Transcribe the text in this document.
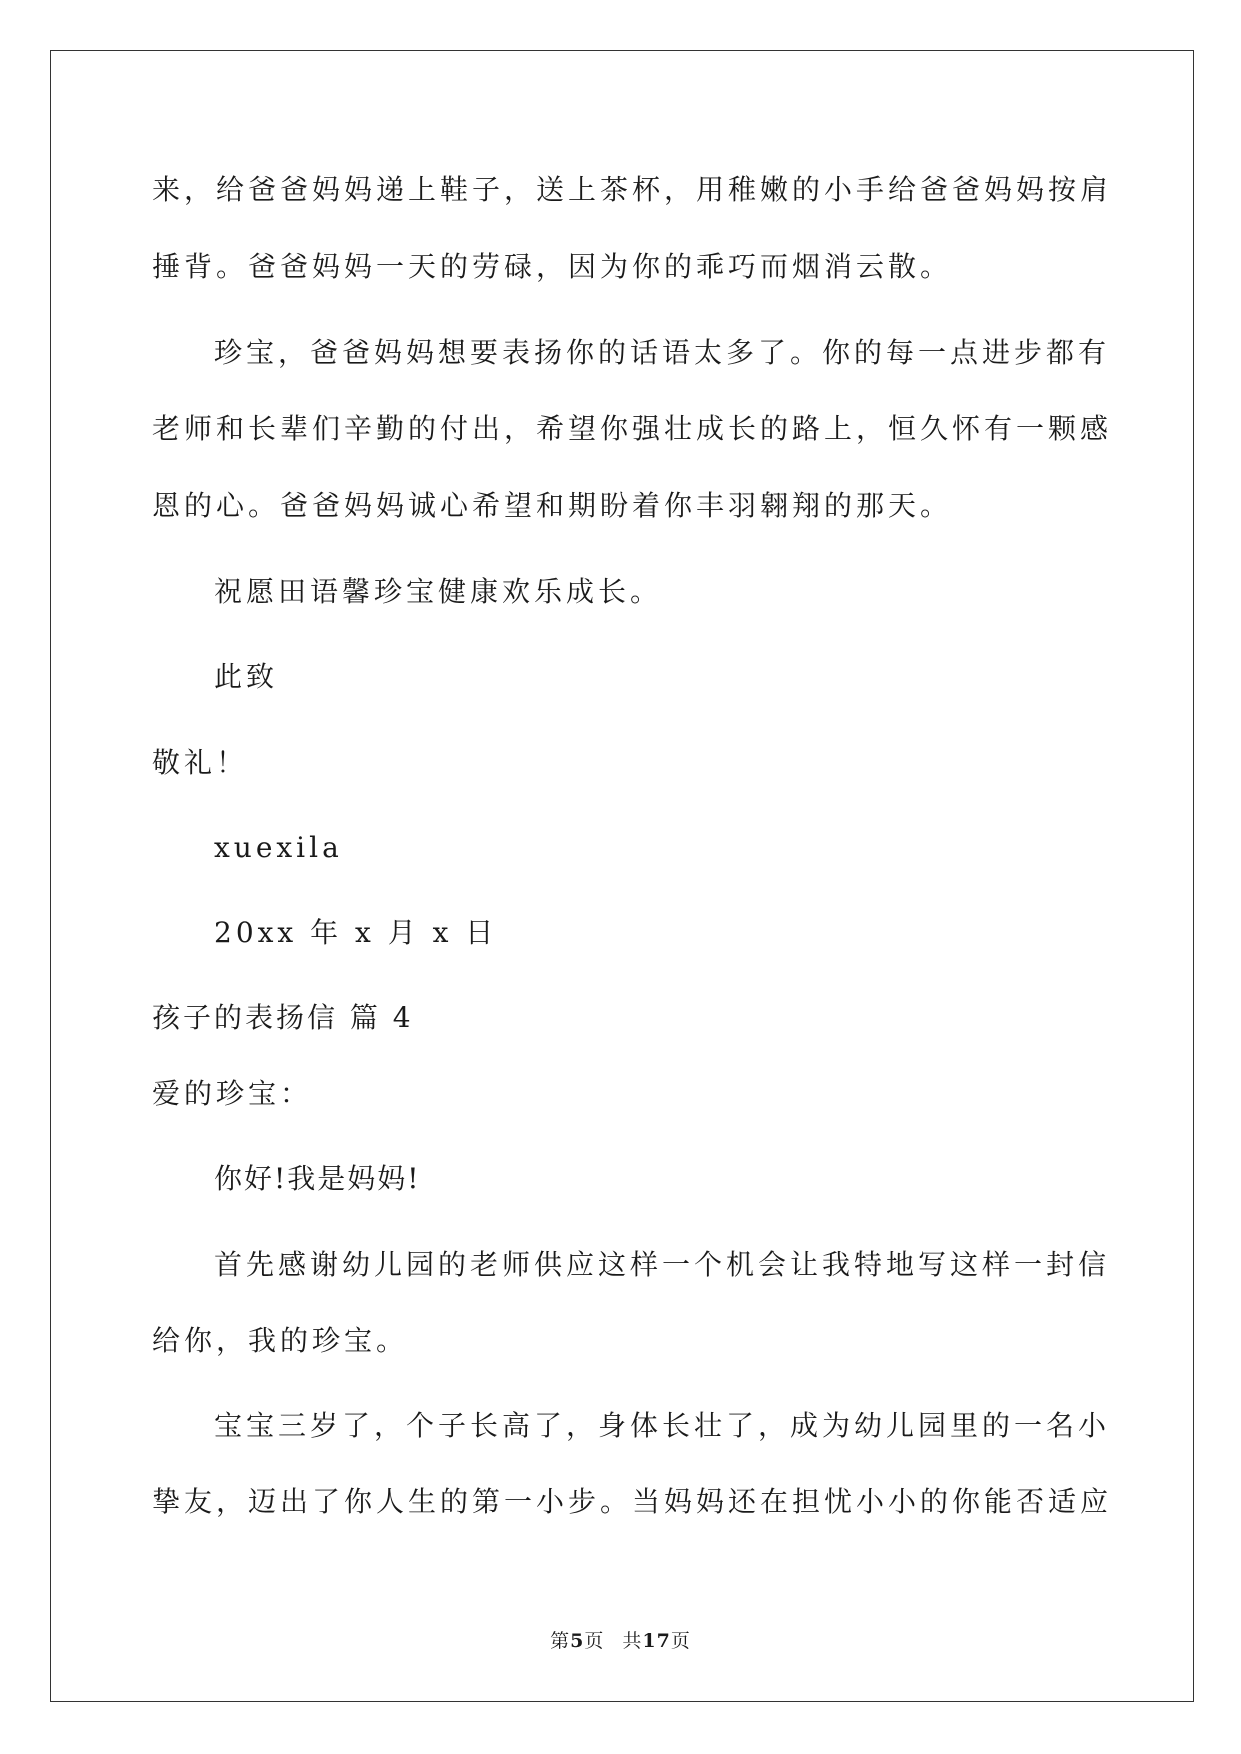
来，给爸爸妈妈递上鞋子，送上茶杯，用稚嫩的小手给爸爸妈妈按肩
捶背。爸爸妈妈一天的劳碌，因为你的乖巧而烟消云散。
珍宝，爸爸妈妈想要表扬你的话语太多了。你的每一点进步都有
老师和长辈们辛勤的付出，希望你强壮成长的路上，恒久怀有一颗感
恩的心。爸爸妈妈诚心希望和期盼着你丰羽翱翔的那天。
祝愿田语馨珍宝健康欢乐成长。
此致
敬礼！
xuexila
20xx 年 x 月 x 日
孩子的表扬信 篇 4
爱的珍宝：
你好!我是妈妈!
首先感谢幼儿园的老师供应这样一个机会让我特地写这样一封信
给你，我的珍宝。
宝宝三岁了，个子长高了，身体长壮了，成为幼儿园里的一名小
挚友，迈出了你人生的第一小步。当妈妈还在担忧小小的你能否适应
第5页 共17页
